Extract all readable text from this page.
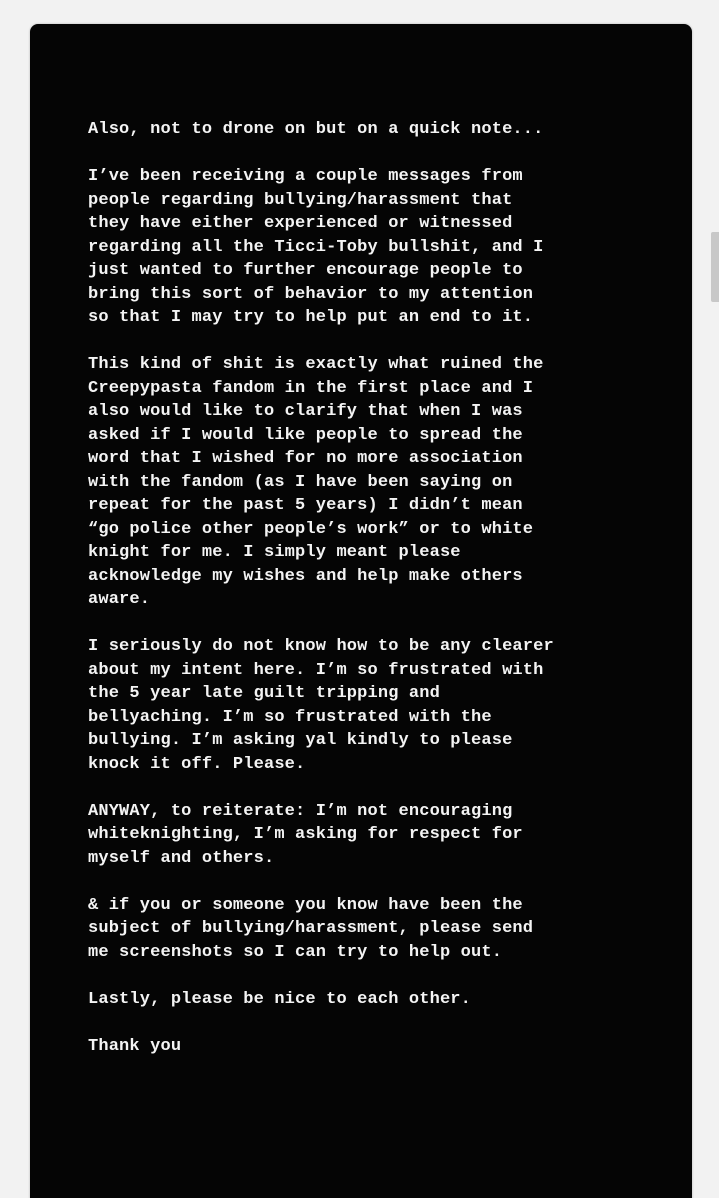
Also, not to drone on but on a quick note...

I’ve been receiving a couple messages from
people regarding bullying/harassment that
they have either experienced or witnessed
regarding all the Ticci-Toby bullshit, and I
just wanted to further encourage people to
bring this sort of behavior to my attention
so that I may try to help put an end to it.

This kind of shit is exactly what ruined the
Creepypasta fandom in the first place and I
also would like to clarify that when I was
asked if I would like people to spread the
word that I wished for no more association
with the fandom (as I have been saying on
repeat for the past 5 years) I didn’t mean
“go police other people’s work” or to white
knight for me. I simply meant please
acknowledge my wishes and help make others
aware.

I seriously do not know how to be any clearer
about my intent here. I’m so frustrated with
the 5 year late guilt tripping and
bellyaching. I’m so frustrated with the
bullying. I’m asking yal kindly to please
knock it off. Please.

ANYWAY, to reiterate: I’m not encouraging
whiteknighting, I’m asking for respect for
myself and others.

& if you or someone you know have been the
subject of bullying/harassment, please send
me screenshots so I can try to help out.

Lastly, please be nice to each other.

Thank you
